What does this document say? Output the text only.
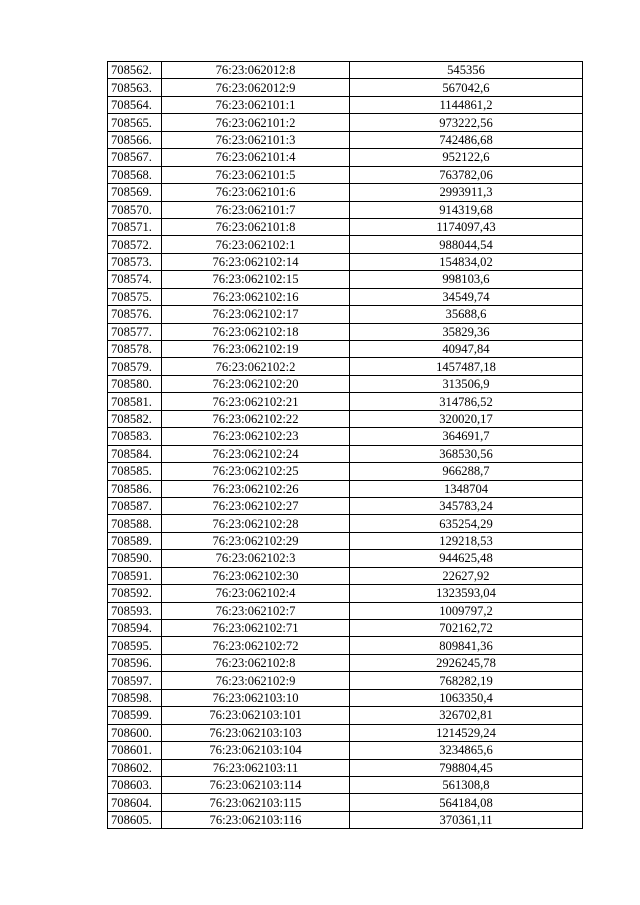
708562.	76:23:062012:8	545356
708563.	76:23:062012:9	567042,6
708564.	76:23:062101:1	1144861,2
708565.	76:23:062101:2	973222,56
708566.	76:23:062101:3	742486,68
708567.	76:23:062101:4	952122,6
708568.	76:23:062101:5	763782,06
708569.	76:23:062101:6	2993911,3
708570.	76:23:062101:7	914319,68
708571.	76:23:062101:8	1174097,43
708572.	76:23:062102:1	988044,54
708573.	76:23:062102:14	154834,02
708574.	76:23:062102:15	998103,6
708575.	76:23:062102:16	34549,74
708576.	76:23:062102:17	35688,6
708577.	76:23:062102:18	35829,36
708578.	76:23:062102:19	40947,84
708579.	76:23:062102:2	1457487,18
708580.	76:23:062102:20	313506,9
708581.	76:23:062102:21	314786,52
708582.	76:23:062102:22	320020,17
708583.	76:23:062102:23	364691,7
708584.	76:23:062102:24	368530,56
708585.	76:23:062102:25	966288,7
708586.	76:23:062102:26	1348704
708587.	76:23:062102:27	345783,24
708588.	76:23:062102:28	635254,29
708589.	76:23:062102:29	129218,53
708590.	76:23:062102:3	944625,48
708591.	76:23:062102:30	22627,92
708592.	76:23:062102:4	1323593,04
708593.	76:23:062102:7	1009797,2
708594.	76:23:062102:71	702162,72
708595.	76:23:062102:72	809841,36
708596.	76:23:062102:8	2926245,78
708597.	76:23:062102:9	768282,19
708598.	76:23:062103:10	1063350,4
708599.	76:23:062103:101	326702,81
708600.	76:23:062103:103	1214529,24
708601.	76:23:062103:104	3234865,6
708602.	76:23:062103:11	798804,45
708603.	76:23:062103:114	561308,8
708604.	76:23:062103:115	564184,08
708605.	76:23:062103:116	370361,11
